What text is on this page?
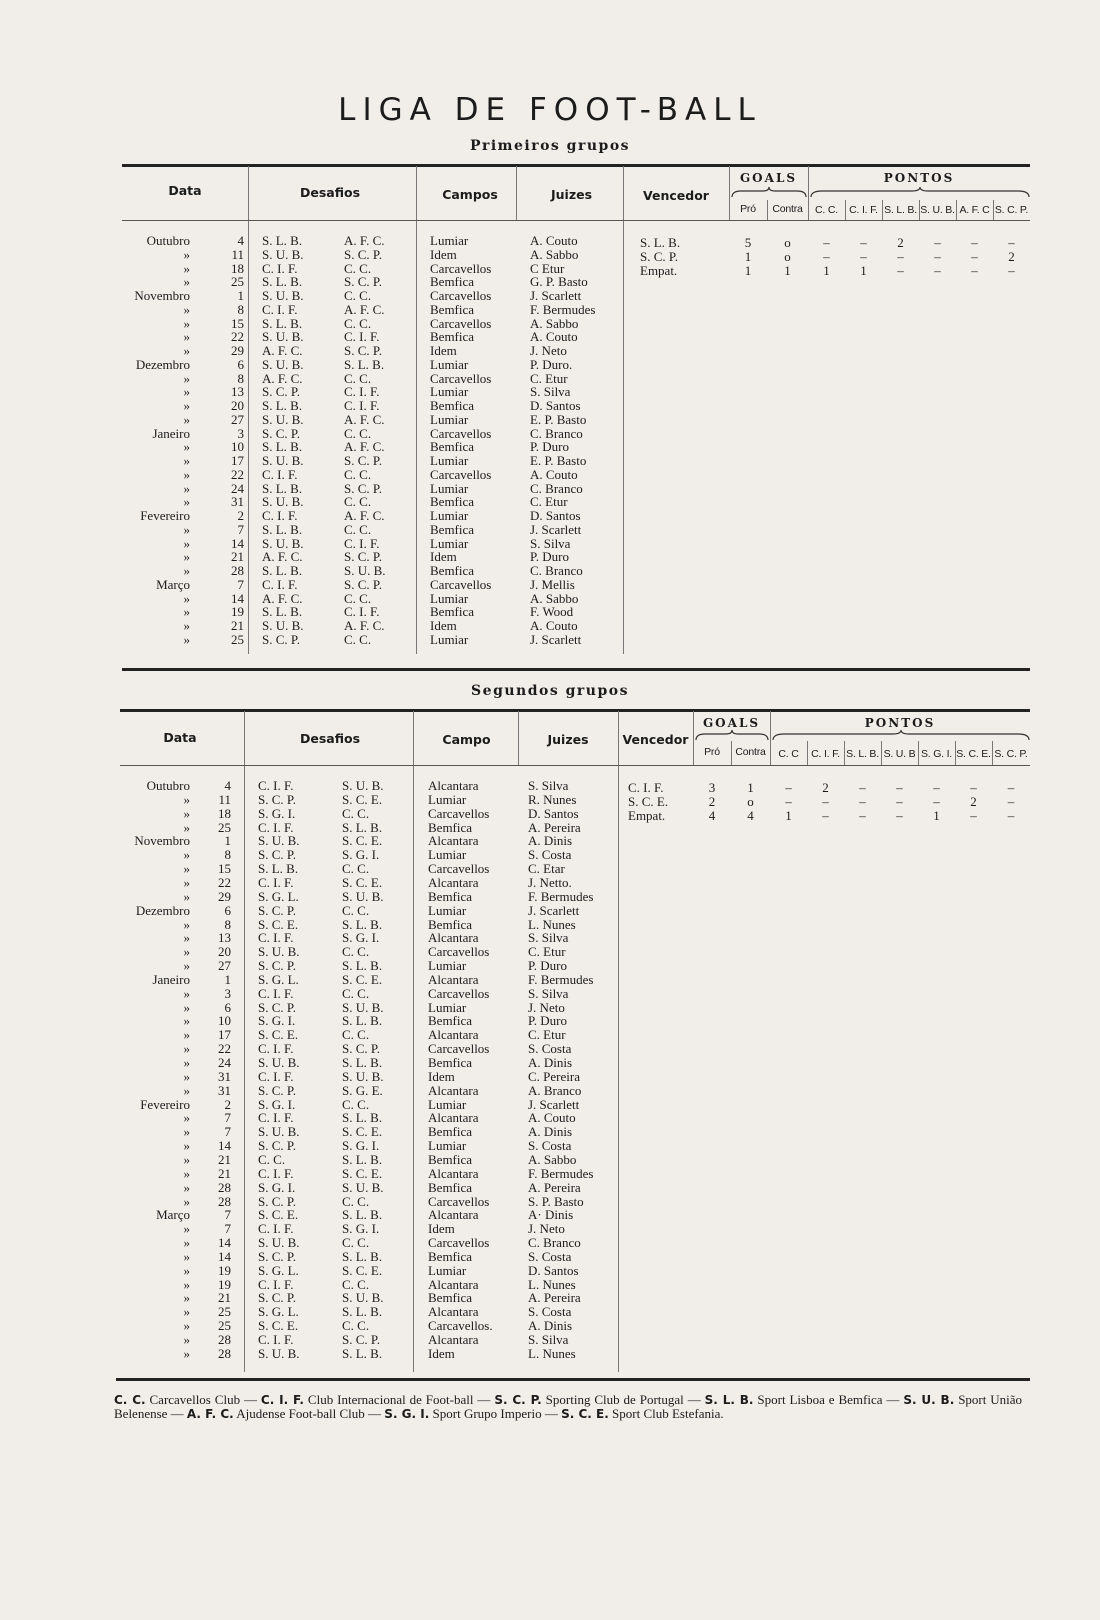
LIGA DE FOOT-BALL
Primeiros grupos
Data	Desafios	Campos	Juizes	Vencedor
GOALS	PONTOS
Pró	Contra	C. C.	C. I. F. S. L. B. S. U. B. A. F. C S. C. P.
Outubro	4 S. L. B.	A. F. C.	Lumiar	A. Couto
»	11 S. U. B.	S. C. P.	Idem	A. Sabbo
»	18 C. I. F.	C. C.	Carcavellos	C Etur
»	25 S. L. B.	S. C. P.	Bemfica	G. P. Basto
Novembro	1 S. U. B.	C. C.	Carcavellos	J. Scarlett
»	8 C. I. F.	A. F. C.	Bemfica	F. Bermudes
»	15 S. L. B.	C. C.	Carcavellos	A. Sabbo
»	22 S. U. B.	C. I. F.	Bemfica	A. Couto
»	29 A. F. C.	S. C. P.	Idem	J. Neto
Dezembro	6 S. U. B.	S. L. B.	Lumiar	P. Duro.
»	8 A. F. C.	C. C.	Carcavellos	C. Etur
»	13 S. C. P.	C. I. F.	Lumiar	S. Silva
»	20 S. L. B.	C. I. F.	Bemfica	D. Santos
»	27 S. U. B.	A. F. C.	Lumiar	E. P. Basto
Janeiro	3 S. C. P.	C. C.	Carcavellos	C. Branco
»	10 S. L. B.	A. F. C.	Bemfica	P. Duro
»	17 S. U. B.	S. C. P.	Lumiar	E. P. Basto
»	22 C. I. F.	C. C.	Carcavellos	A. Couto
»	24 S. L. B.	S. C. P.	Lumiar	C. Branco
»	31 S. U. B.	C. C.	Bemfica	C. Etur
Fevereiro	2 C. I. F.	A. F. C.	Lumiar	D. Santos
»	7 S. L. B.	C. C.	Bemfica	J. Scarlett
»	14 S. U. B.	C. I. F.	Lumiar	S. Silva
»	21 A. F. C.	S. C. P.	Idem	P. Duro
»	28 S. L. B.	S. U. B.	Bemfica	C. Branco
Março	7 C. I. F.	S. C. P.	Carcavellos	J. Mellis
»	14 A. F. C.	C. C.	Lumiar	A. Sabbo
»	19 S. L. B.	C. I. F.	Bemfica	F. Wood
»	21 S. U. B.	A. F. C.	Idem	A. Couto
»	25 S. C. P.	C. C.	Lumiar	J. Scarlett
S. L. B.	5	o	–	–	2	–	–	–
S. C. P.	1	o	–	–	–	–	–	2
Empat.	1	1	1	1	–	–	–	–
Segundos grupos
Data	Desafios	Campo	Juizes	Vencedor
GOALS	PONTOS
Pró	Contra	C. C	C. I. F. S. L. B. S. U. B S. G. I. S. C. E. S. C. P.
Outubro	4 C. I. F.	S. U. B.	Alcantara	S. Silva
»	11 S. C. P.	S. C. E.	Lumiar	R. Nunes
»	18 S. G. I.	C. C.	Carcavellos	D. Santos
»	25 C. I. F.	S. L. B.	Bemfica	A. Pereira
Novembro	1 S. U. B.	S. C. E.	Alcantara	A. Dinis
»	8 S. C. P.	S. G. I.	Lumiar	S. Costa
»	15 S. L. B.	C. C.	Carcavellos	C. Etar
»	22 C. I. F.	S. C. E.	Alcantara	J. Netto.
»	29 S. G. L.	S. U. B.	Bemfica	F. Bermudes
Dezembro	6 S. C. P.	C. C.	Lumiar	J. Scarlett
»	8 S. C. E.	S. L. B.	Bemfica	L. Nunes
»	13 C. I. F.	S. G. I.	Alcantara	S. Silva
»	20 S. U. B.	C. C.	Carcavellos	C. Etur
»	27 S. C. P.	S. L. B.	Lumiar	P. Duro
Janeiro	1 S. G. L.	S. C. E.	Alcantara	F. Bermudes
»	3 C. I. F.	C. C.	Carcavellos	S. Silva
»	6 S. C. P.	S. U. B.	Lumiar	J. Neto
»	10 S. G. I.	S. L. B.	Bemfica	P. Duro
»	17 S. C. E.	C. C.	Alcantara	C. Etur
»	22 C. I. F.	S. C. P.	Carcavellos	S. Costa
»	24 S. U. B.	S. L. B.	Bemfica	A. Dinis
»	31 C. I. F.	S. U. B.	Idem	C. Pereira
»	31 S. C. P.	S. G. E.	Alcantara	A. Branco
Fevereiro	2 S. G. I.	C. C.	Lumiar	J. Scarlett
»	7 C. I. F.	S. L. B.	Alcantara	A. Couto
»	7 S. U. B.	S. C. E.	Bemfica	A. Dinis
»	14 S. C. P.	S. G. I.	Lumiar	S. Costa
»	21 C. C.	S. L. B.	Bemfica	A. Sabbo
»	21 C. I. F.	S. C. E.	Alcantara	F. Bermudes
»	28 S. G. I.	S. U. B.	Bemfica	A. Pereira
»	28 S. C. P.	C. C.	Carcavellos	S. P. Basto
Março	7 S. C. E.	S. L. B.	Alcantara	A· Dinis
»	7 C. I. F.	S. G. I.	Idem	J. Neto
»	14 S. U. B.	C. C.	Carcavellos	C. Branco
»	14 S. C. P.	S. L. B.	Bemfica	S. Costa
»	19 S. G. L.	S. C. E.	Lumiar	D. Santos
»	19 C. I. F.	C. C.	Alcantara	L. Nunes
»	21 S. C. P.	S. U. B.	Bemfica	A. Pereira
»	25 S. G. L.	S. L. B.	Alcantara	S. Costa
»	25 S. C. E.	C. C.	Carcavellos.	A. Dinis
»	28 C. I. F.	S. C. P.	Alcantara	S. Silva
»	28 S. U. B.	S. L. B.	Idem	L. Nunes
C. I. F.	3	1	–	2	–	–	–	–	–
S. C. E.	2	o	–	–	–	–	–	2	–
Empat.	4	4	1	–	–	–	1	–	–
C. C. Carcavellos Club — C. I. F. Club Internacional de Foot-ball — S. C. P. Sporting Club de Portugal — S. L. B. Sport Lisboa e Bemfica — S. U. B. Sport União Belenense — A. F. C. Ajudense Foot-ball Club — S. G. I. Sport Grupo Imperio — S. C. E. Sport Club Estefania.
